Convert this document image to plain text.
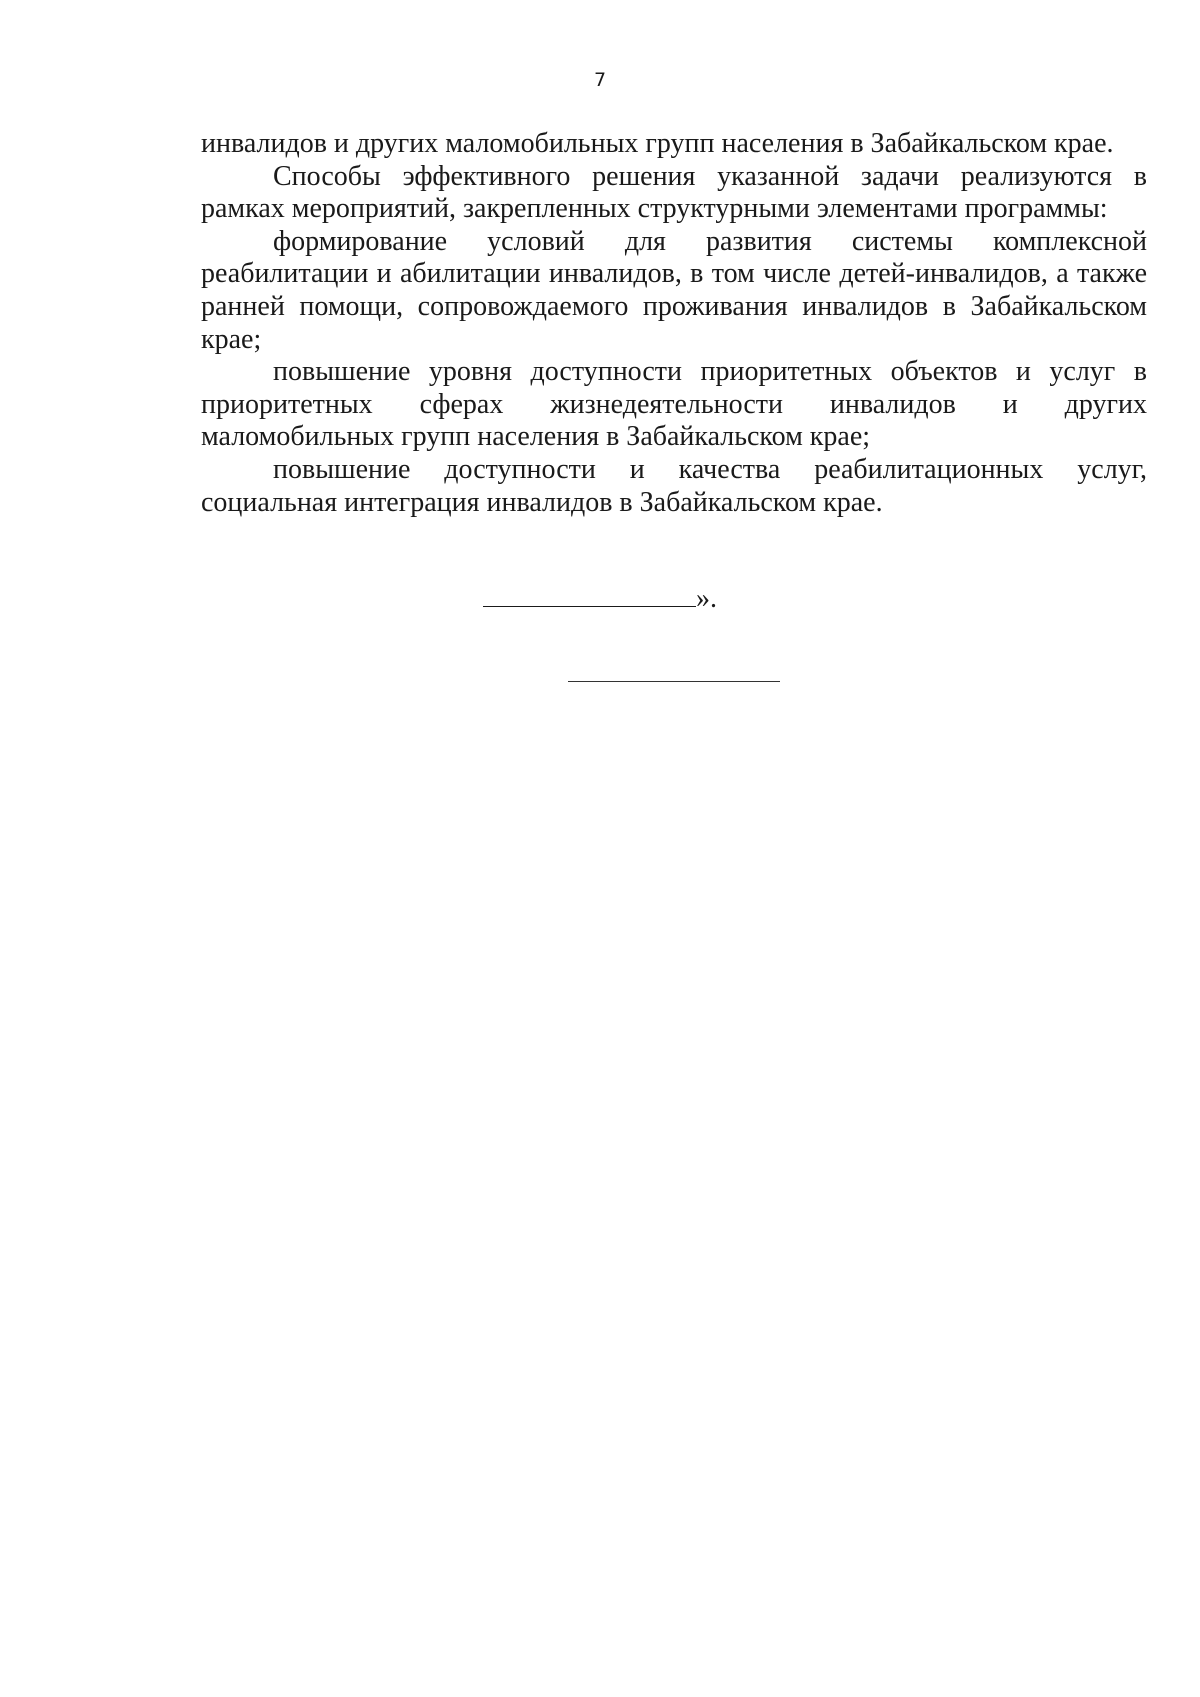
7

инвалидов и других маломобильных групп населения в Забайкальском крае.

Способы эффективного решения указанной задачи реализуются в рамках мероприятий, закрепленных структурными элементами программы:

формирование условий для развития системы комплексной реабилитации и абилитации инвалидов, в том числе детей-инвалидов, а также ранней помощи, сопровождаемого проживания инвалидов в Забайкальском крае;

повышение уровня доступности приоритетных объектов и услуг в приоритетных сферах жизнедеятельности инвалидов и других маломобильных групп населения в Забайкальском крае;

повышение доступности и качества реабилитационных услуг, социальная интеграция инвалидов в Забайкальском крае.

».
